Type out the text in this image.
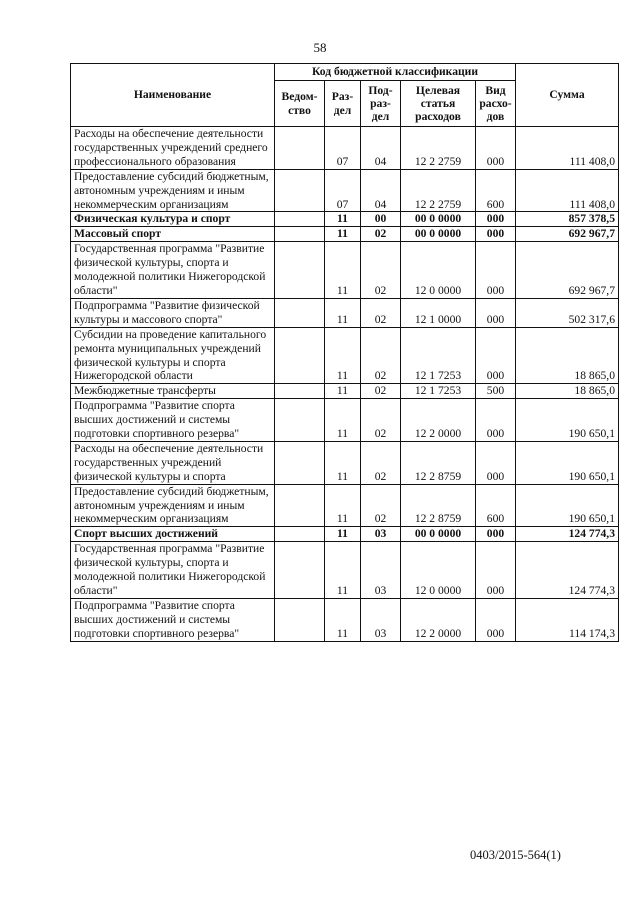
58
Наименование	Код бюджетной классификации					Сумма
	Ведом-ство	Раз-дел	Под-раз-дел	Целевая статья расходов	Вид расхо-дов	
Расходы на обеспечение деятельности государственных учреждений среднего профессионального образования		07	04	12 2 2759	000	111 408,0
Предоставление субсидий бюджетным, автономным учреждениям и иным некоммерческим организациям		07	04	12 2 2759	600	111 408,0
Физическая культура и спорт		11	00	00 0 0000	000	857 378,5
Массовый спорт		11	02	00 0 0000	000	692 967,7
Государственная программа "Развитие физической культуры, спорта и молодежной политики Нижегородской области"		11	02	12 0 0000	000	692 967,7
Подпрограмма "Развитие физической культуры и массового спорта"		11	02	12 1 0000	000	502 317,6
Субсидии на проведение капитального ремонта муниципальных учреждений физической культуры и спорта Нижегородской области		11	02	12 1 7253	000	18 865,0
Межбюджетные трансферты		11	02	12 1 7253	500	18 865,0
Подпрограмма "Развитие спорта высших достижений и системы подготовки спортивного резерва"		11	02	12 2 0000	000	190 650,1
Расходы на обеспечение деятельности государственных учреждений физической культуры и спорта		11	02	12 2 8759	000	190 650,1
Предоставление субсидий бюджетным, автономным учреждениям и иным некоммерческим организациям		11	02	12 2 8759	600	190 650,1
Спорт высших достижений		11	03	00 0 0000	000	124 774,3
Государственная программа "Развитие физической культуры, спорта и молодежной политики Нижегородской области"		11	03	12 0 0000	000	124 774,3
Подпрограмма "Развитие спорта высших достижений и системы подготовки спортивного резерва"		11	03	12 2 0000	000	114 174,3
0403/2015-564(1)
